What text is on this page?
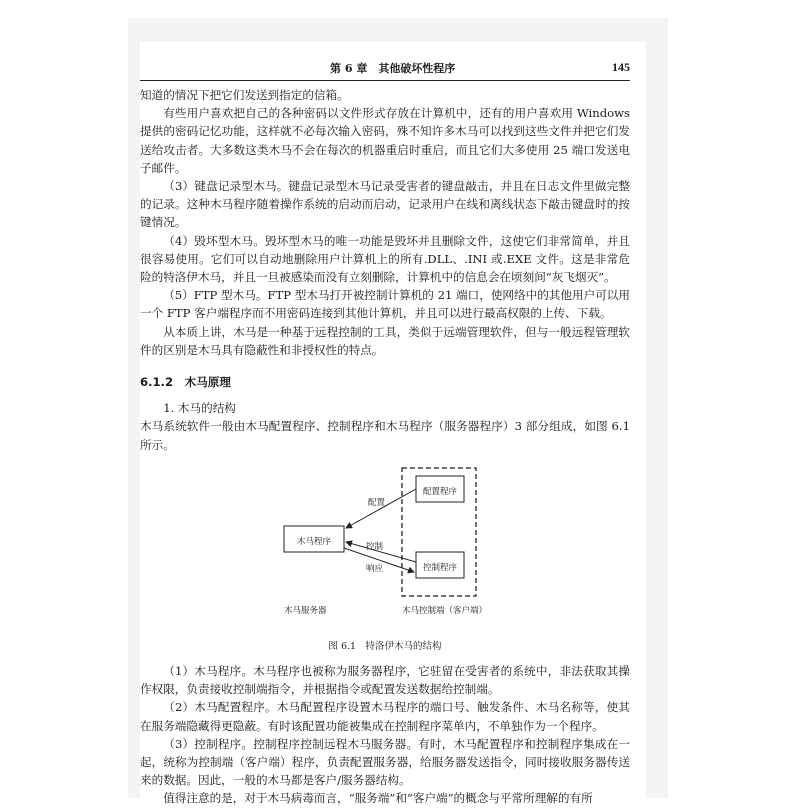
第 6 章　其他破坏性程序	145

知道的情况下把它们发送到指定的信箱。

有些用户喜欢把自己的各种密码以文件形式存放在计算机中，还有的用户喜欢用 Windows 提供的密码记忆功能，这样就不必每次输入密码，殊不知许多木马可以找到这些文件并把它们发送给攻击者。大多数这类木马不会在每次的机器重启时重启，而且它们大多使用 25 端口发送电子邮件。

（3）键盘记录型木马。键盘记录型木马记录受害者的键盘敲击，并且在日志文件里做完整的记录。这种木马程序随着操作系统的启动而启动，记录用户在线和离线状态下敲击键盘时的按键情况。

（4）毁坏型木马。毁坏型木马的唯一功能是毁坏并且删除文件，这使它们非常简单，并且很容易使用。它们可以自动地删除用户计算机上的所有.DLL、.INI 或.EXE 文件。这是非常危险的特洛伊木马，并且一旦被感染而没有立刻删除，计算机中的信息会在顷刻间“灰飞烟灭”。

（5）FTP 型木马。FTP 型木马打开被控制计算机的 21 端口，使网络中的其他用户可以用一个 FTP 客户端程序而不用密码连接到其他计算机，并且可以进行最高权限的上传、下载。

从本质上讲，木马是一种基于远程控制的工具，类似于远端管理软件，但与一般远程管理软件的区别是木马具有隐蔽性和非授权性的特点。

6.1.2　木马原理

1. 木马的结构

木马系统软件一般由木马配置程序、控制程序和木马程序（服务器程序）3 部分组成，如图 6.1 所示。

木马程序
配置程序
控制程序
配置
控制
响应
木马服务器	木马控制端（客户端）
图 6.1　特洛伊木马的结构

（1）木马程序。木马程序也被称为服务器程序，它驻留在受害者的系统中，非法获取其操作权限，负责接收控制端指令，并根据指令或配置发送数据给控制端。

（2）木马配置程序。木马配置程序设置木马程序的端口号、触发条件、木马名称等，使其在服务端隐藏得更隐蔽。有时该配置功能被集成在控制程序菜单内，不单独作为一个程序。

（3）控制程序。控制程序控制远程木马服务器。有时，木马配置程序和控制程序集成在一起，统称为控制端（客户端）程序，负责配置服务器，给服务器发送指令，同时接收服务器传送来的数据。因此，一般的木马都是客户/服务器结构。

值得注意的是，对于木马病毒而言，“服务端”和“客户端”的概念与平常所理解的有所
